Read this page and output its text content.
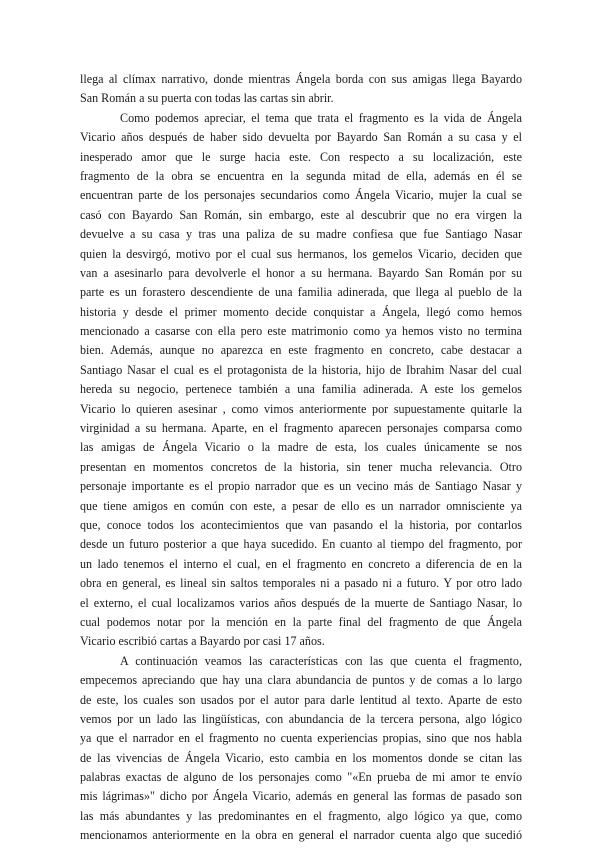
llega al clímax narrativo, donde mientras Ángela borda con sus amigas llega Bayardo
San Román a su puerta con todas las cartas sin abrir.
Como podemos apreciar, el tema que trata el fragmento es la vida de Ángela
Vicario años después de haber sido devuelta por Bayardo San Román a su casa y el
inesperado amor que le surge hacia este. Con respecto a su localización, este
fragmento de la obra se encuentra en la segunda mitad de ella, además en él se
encuentran parte de los personajes secundarios como Ángela Vicario, mujer la cual se
casó con Bayardo San Román, sin embargo, este al descubrir que no era virgen la
devuelve a su casa y tras una paliza de su madre confiesa que fue Santiago Nasar
quien la desvirgó, motivo por el cual sus hermanos, los gemelos Vicario, deciden que
van a asesinarlo para devolverle el honor a su hermana. Bayardo San Román por su
parte es un forastero descendiente de una familia adinerada, que llega al pueblo de la
historia y desde el primer momento decide conquistar a Ángela, llegó como hemos
mencionado a casarse con ella pero este matrimonio como ya hemos visto no termina
bien. Además, aunque no aparezca en este fragmento en concreto, cabe destacar a
Santiago Nasar el cual es el protagonista de la historia, hijo de Ibrahim Nasar del cual
hereda su negocio, pertenece también a una familia adinerada. A este los gemelos
Vicario lo quieren asesinar , como vimos anteriormente por supuestamente quitarle la
virginidad a su hermana. Aparte, en el fragmento aparecen personajes comparsa como
las amigas de Ángela Vicario o la madre de esta, los cuales únicamente se nos
presentan en momentos concretos de la historia, sin tener mucha relevancia. Otro
personaje importante es el propio narrador que es un vecino más de Santiago Nasar y
que tiene amigos en común con este, a pesar de ello es un narrador omnisciente ya
que, conoce todos los acontecimientos que van pasando el la historia, por contarlos
desde un futuro posterior a que haya sucedido. En cuanto al tiempo del fragmento, por
un lado tenemos el interno el cual, en el fragmento en concreto a diferencia de en la
obra en general, es lineal sin saltos temporales ni a pasado ni a futuro. Y por otro lado
el externo, el cual localizamos varios años después de la muerte de Santiago Nasar, lo
cual podemos notar por la mención en la parte final del fragmento de que Ángela
Vicario escribió cartas a Bayardo por casi 17 años.
A continuación veamos las características con las que cuenta el fragmento,
empecemos apreciando que hay una clara abundancia de puntos y de comas a lo largo
de este, los cuales son usados por el autor para darle lentitud al texto. Aparte de esto
vemos por un lado las lingüísticas, con abundancia de la tercera persona, algo lógico
ya que el narrador en el fragmento no cuenta experiencias propias, sino que nos habla
de las vivencias de Ángela Vicario, esto cambia en los momentos donde se citan las
palabras exactas de alguno de los personajes como "«En prueba de mi amor te envío
mis lágrimas»" dicho por Ángela Vicario, además en general las formas de pasado son
las más abundantes y las predominantes en el fragmento, algo lógico ya que, como
mencionamos anteriormente en la obra en general el narrador cuenta algo que sucedió
